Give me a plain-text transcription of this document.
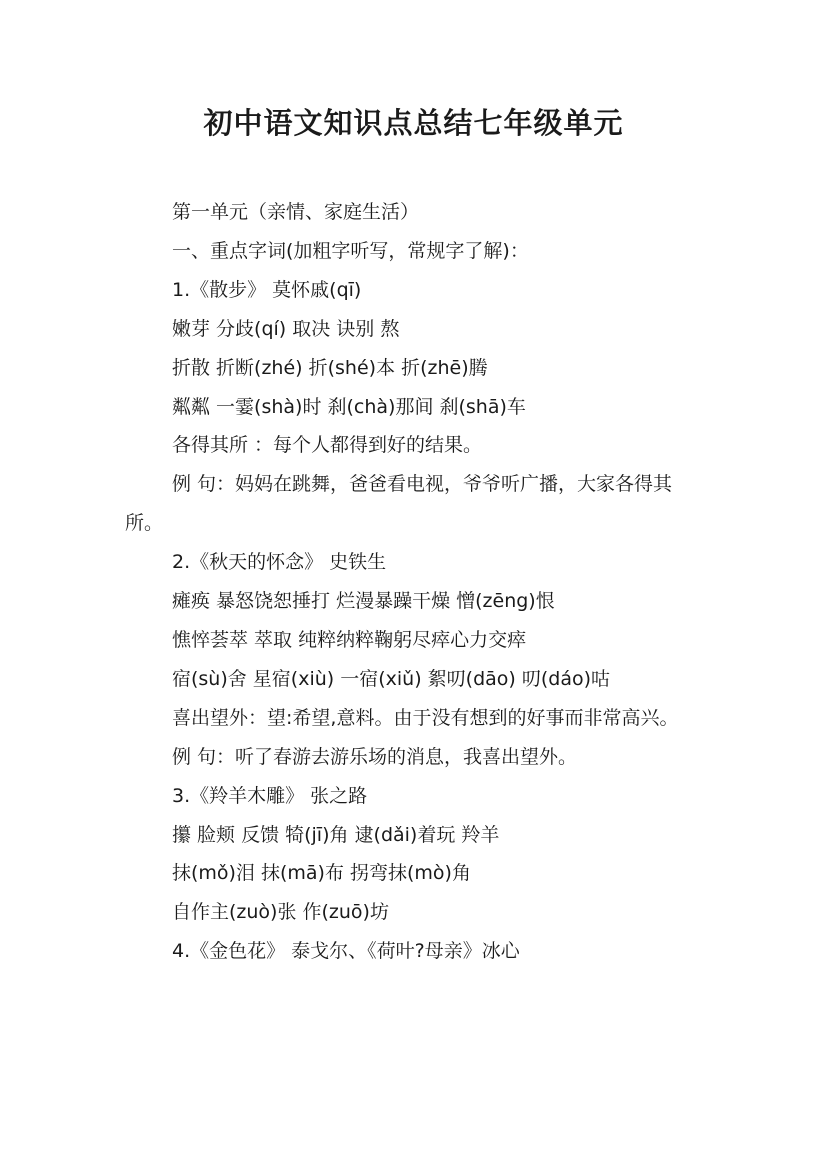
初中语文知识点总结七年级单元

第一单元（亲情、家庭生活）

一、重点字词(加粗字听写，常规字了解)：

1.《散步》 莫怀戚(qī)

嫩芽 分歧(qí) 取决 诀别 熬

折散 折断(zhé) 折(shé)本 折(zhē)腾

粼粼 一霎(shà)时 刹(chà)那间 刹(shā)车

各得其所 ：每个人都得到好的结果。

例 句：妈妈在跳舞，爸爸看电视，爷爷听广播，大家各得其所。

2.《秋天的怀念》 史铁生

瘫痪 暴怒饶恕捶打 烂漫暴躁干燥 憎(zēng)恨

憔悴荟萃 萃取 纯粹纳粹鞠躬尽瘁心力交瘁

宿(sù)舍 星宿(xiù) 一宿(xiǔ) 絮叨(dāo) 叨(dáo)咕

喜出望外：望:希望,意料。由于没有想到的好事而非常高兴。

例 句：听了春游去游乐场的消息，我喜出望外。

3.《羚羊木雕》 张之路

攥 脸颊 反馈 犄(jī)角 逮(dǎi)着玩 羚羊

抹(mǒ)泪 抹(mā)布 拐弯抹(mò)角

自作主(zuò)张 作(zuō)坊

4.《金色花》 泰戈尔、《荷叶?母亲》冰心
